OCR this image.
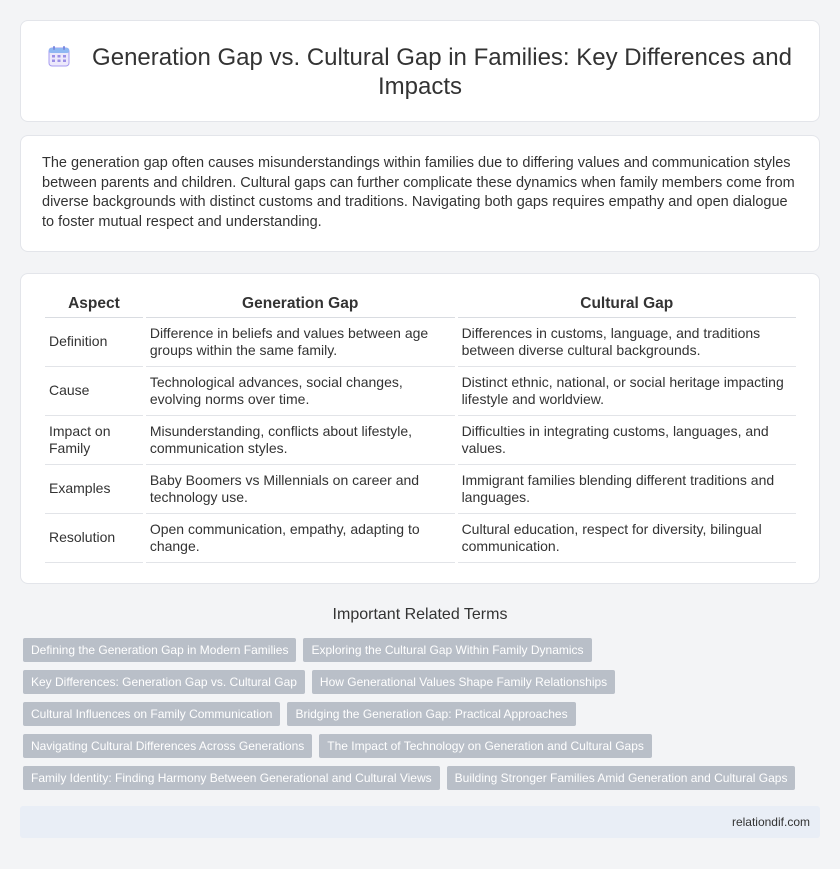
Generation Gap vs. Cultural Gap in Families: Key Differences and
Impacts

The generation gap often causes misunderstandings within families due to differing values and communication styles between parents and children. Cultural gaps can further complicate these dynamics when family members come from diverse backgrounds with distinct customs and traditions. Navigating both gaps requires empathy and open dialogue to foster mutual respect and understanding.

Aspect	Generation Gap	Cultural Gap
Definition	Difference in beliefs and values between age groups within the same family.	Differences in customs, language, and traditions between diverse cultural backgrounds.
Cause	Technological advances, social changes, evolving norms over time.	Distinct ethnic, national, or social heritage impacting lifestyle and worldview.
Impact on Family	Misunderstanding, conflicts about lifestyle, communication styles.	Difficulties in integrating customs, languages, and values.
Examples	Baby Boomers vs Millennials on career and technology use.	Immigrant families blending different traditions and languages.
Resolution	Open communication, empathy, adapting to change.	Cultural education, respect for diversity, bilingual communication.
Important Related Terms
Defining the Generation Gap in Modern Families	Exploring the Cultural Gap Within Family Dynamics
Key Differences: Generation Gap vs. Cultural Gap	How Generational Values Shape Family Relationships
Cultural Influences on Family Communication	Bridging the Generation Gap: Practical Approaches
Navigating Cultural Differences Across Generations	The Impact of Technology on Generation and Cultural Gaps
Family Identity: Finding Harmony Between Generational and Cultural Views	Building Stronger Families Amid Generation and Cultural Gaps
relationdif.com
